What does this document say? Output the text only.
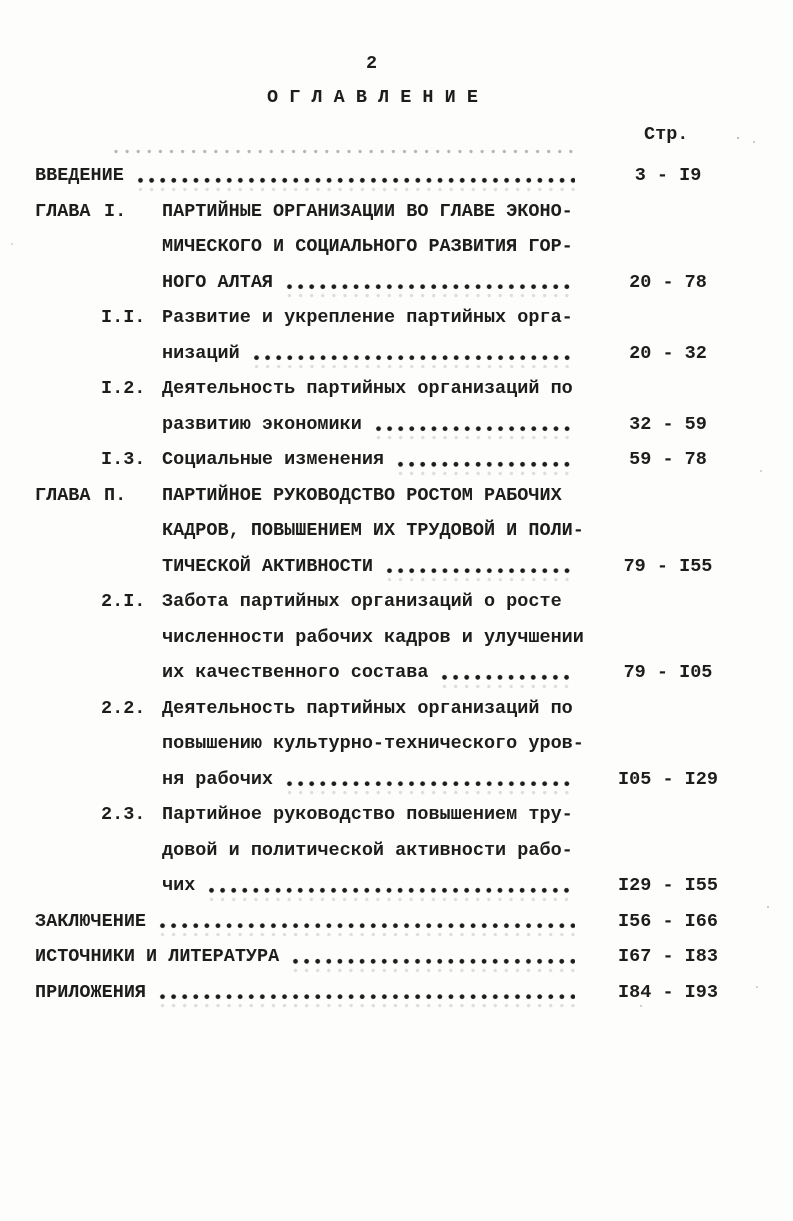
2
О Г Л А В Л Е Н И Е
Стр.
ВВЕДЕНИЕ	3 - I9
ГЛАВА I. ПАРТИЙНЫЕ ОРГАНИЗАЦИИ ВО ГЛАВЕ ЭКОНО-
МИЧЕСКОГО И СОЦИАЛЬНОГО РАЗВИТИЯ ГОР-
НОГО АЛТАЯ	20 - 78
I.I. Развитие и укрепление партийных орга-
низаций	20 - 32
I.2. Деятельность партийных организаций по
развитию экономики	32 - 59
I.3. Социальные изменения	59 - 78
ГЛАВА П. ПАРТИЙНОЕ РУКОВОДСТВО РОСТОМ РАБОЧИХ
КАДРОВ, ПОВЫШЕНИЕМ ИХ ТРУДОВОЙ И ПОЛИ-
ТИЧЕСКОЙ АКТИВНОСТИ	79 - I55
2.I. Забота партийных организаций о росте
численности рабочих кадров и улучшении
их качественного состава	79 - I05
2.2. Деятельность партийных организаций по
повышению культурно-технического уров-
ня рабочих	I05 - I29
2.3. Партийное руководство повышением тру-
довой и политической активности рабо-
чих	I29 - I55
ЗАКЛЮЧЕНИЕ	I56 - I66
ИСТОЧНИКИ И ЛИТЕРАТУРА	I67 - I83
ПРИЛОЖЕНИЯ	I84 - I93
